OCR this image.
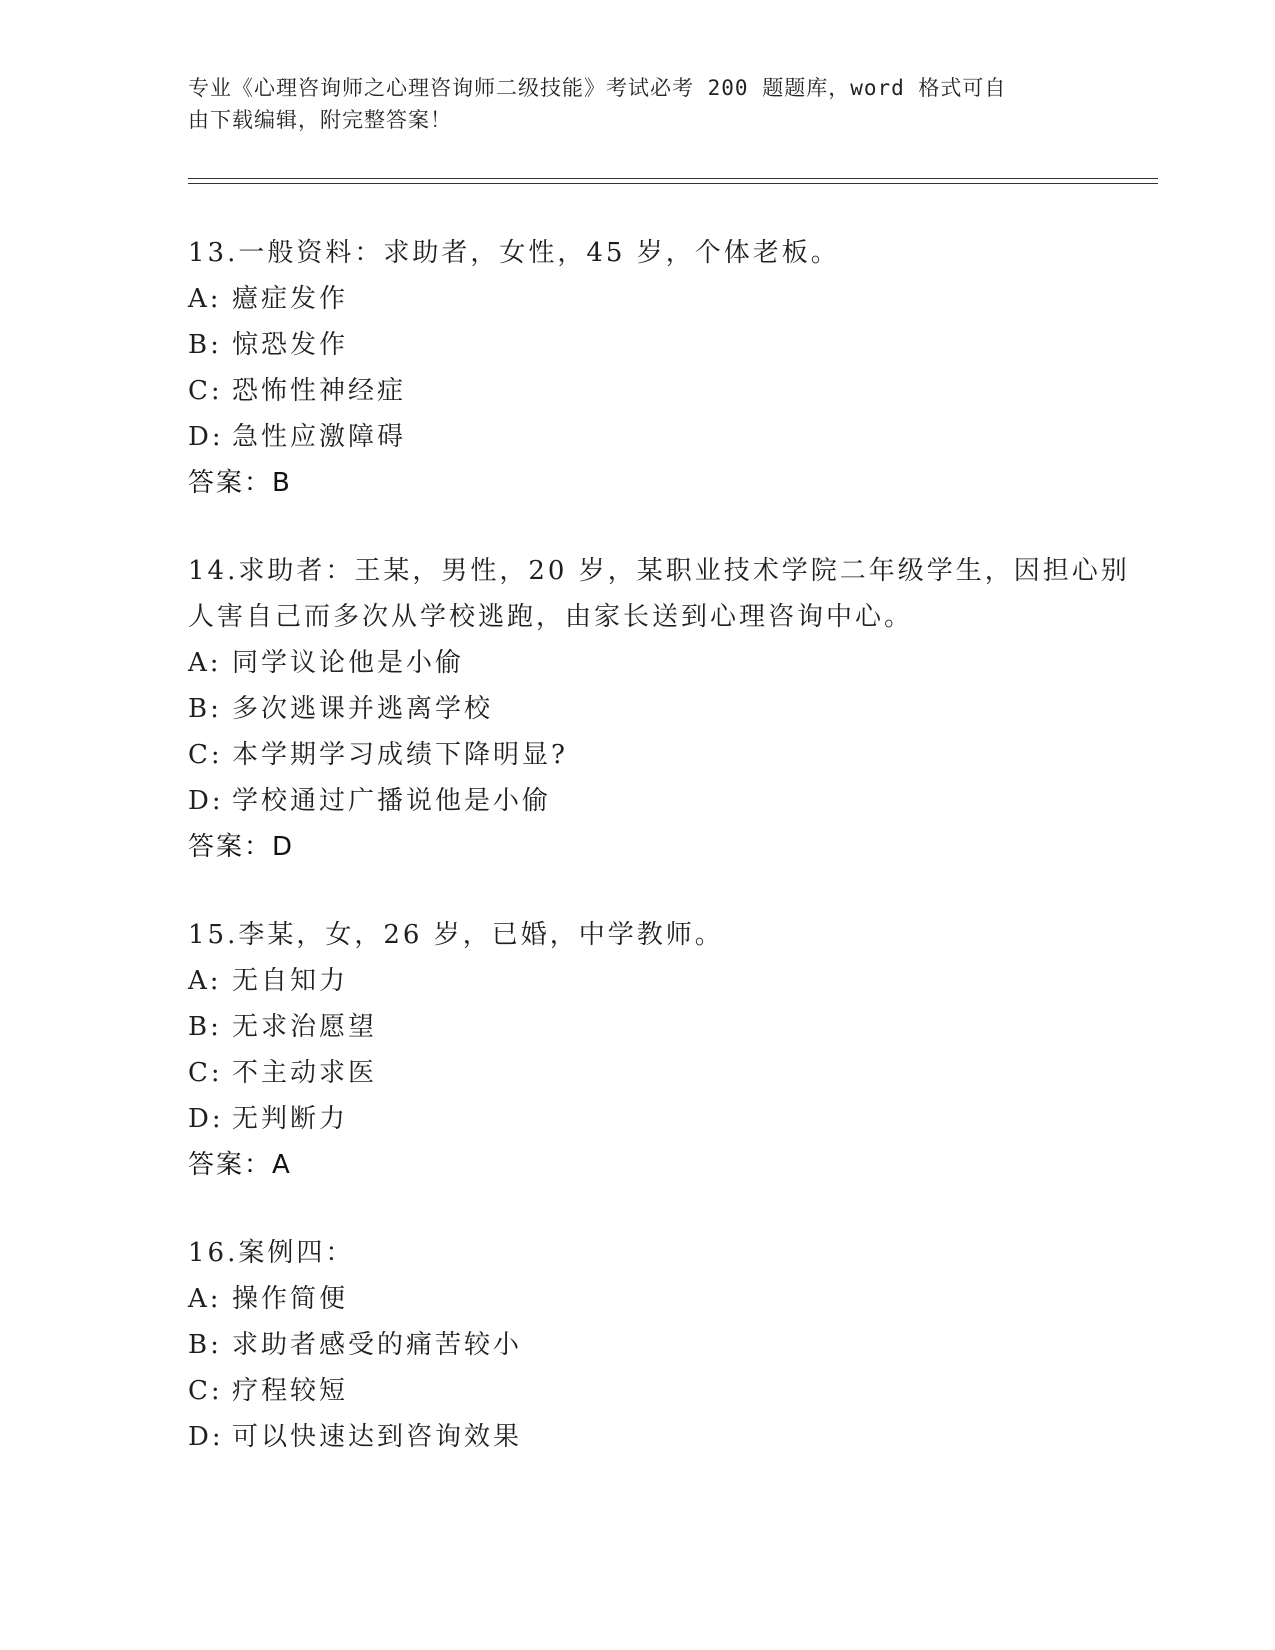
专业《心理咨询师之心理咨询师二级技能》考试必考 200 题题库，word 格式可自
由下载编辑，附完整答案！
13.一般资料：求助者，女性，45 岁，个体老板。
A: 癔症发作
B: 惊恐发作
C: 恐怖性神经症
D: 急性应激障碍
答案：B
14.求助者：王某，男性，20 岁，某职业技术学院二年级学生，因担心别人害自己而多次从学校逃跑，由家长送到心理咨询中心。
A: 同学议论他是小偷
B: 多次逃课并逃离学校
C: 本学期学习成绩下降明显?
D: 学校通过广播说他是小偷
答案：D
15.李某，女，26 岁，已婚，中学教师。
A: 无自知力
B: 无求治愿望
C: 不主动求医
D: 无判断力
答案：A
16.案例四：
A: 操作简便
B: 求助者感受的痛苦较小
C: 疗程较短
D: 可以快速达到咨询效果
